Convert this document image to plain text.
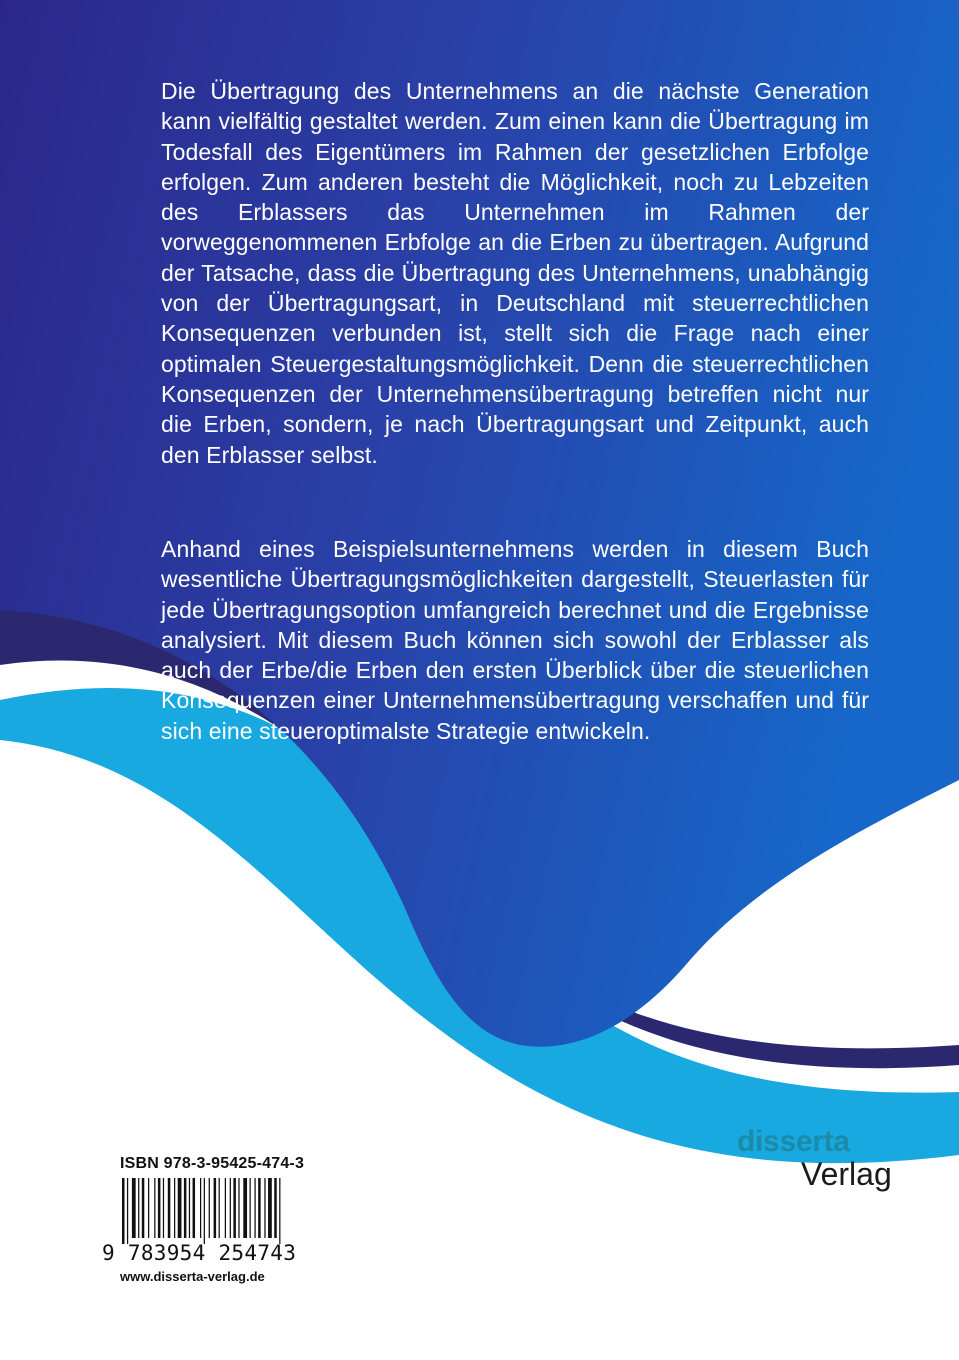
Die Übertragung des Unternehmens an die nächste Generation kann vielfältig gestaltet werden. Zum einen kann die Übertragung im Todesfall des Eigentümers im Rahmen der gesetzlichen Erbfolge erfolgen. Zum anderen besteht die Möglichkeit, noch zu Lebzeiten des Erblassers das Unternehmen im Rahmen der vorweggenommenen Erbfolge an die Erben zu übertragen. Aufgrund der Tatsache, dass die Übertragung des Unternehmens, unabhängig von der Übertragungsart, in Deutschland mit steuerrechtlichen Konsequenzen verbunden ist, stellt sich die Frage nach einer optimalen Steuergestaltungsmöglichkeit. Denn die steuerrechtlichen Konsequenzen der Unternehmensübertragung betreffen nicht nur die Erben, sondern, je nach Übertragungsart und Zeitpunkt, auch den Erblasser selbst.

Anhand eines Beispielsunternehmens werden in diesem Buch wesentliche Übertragungsmöglichkeiten dargestellt, Steuerlasten für jede Übertragungsoption umfangreich berechnet und die Ergebnisse analysiert. Mit diesem Buch können sich sowohl der Erblasser als auch der Erbe/die Erben den ersten Überblick über die steuerlichen Konsequenzen einer Unternehmensübertragung verschaffen und für sich eine steueroptimalste Strategie entwickeln.

ISBN 978-3-95425-474-3
9 783954 254743
www.disserta-verlag.de
disserta
Verlag
